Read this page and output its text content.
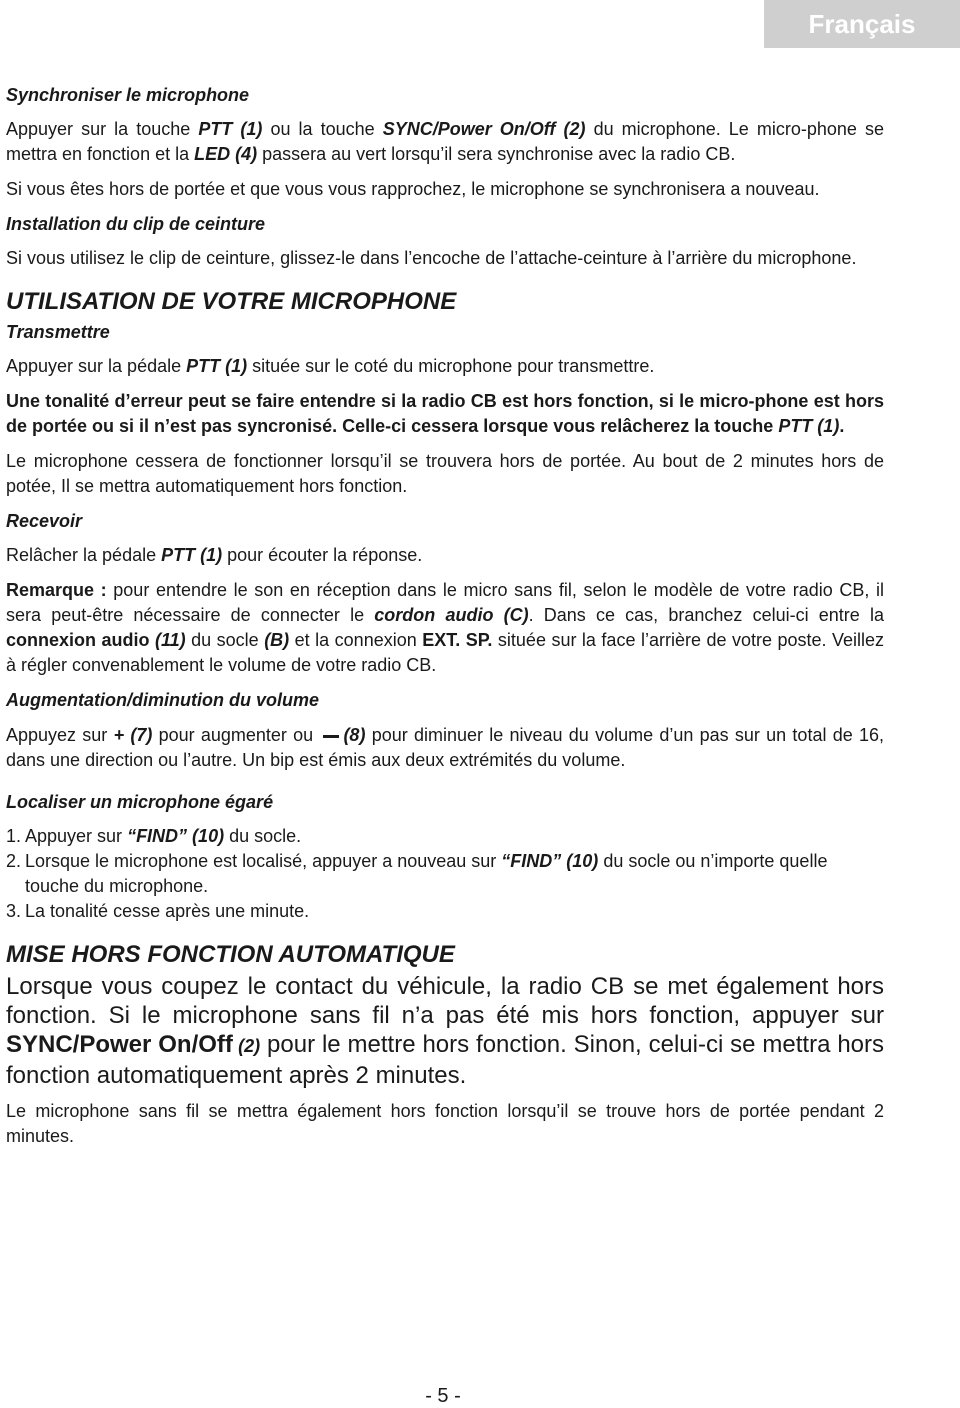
Français
Synchroniser le microphone

Appuyer sur la touche PTT (1) ou la touche SYNC/Power On/Off (2) du microphone. Le micro-phone se mettra en fonction et la LED (4) passera au vert lorsqu’il sera synchronise avec la radio CB.

Si vous êtes hors de portée et que vous vous rapprochez, le microphone se synchronisera a nouveau.

Installation du clip de ceinture

Si vous utilisez le clip de ceinture, glissez-le dans l’encoche de l’attache-ceinture à l’arrière du microphone.

UTILISATION DE VOTRE MICROPHONE
Transmettre

Appuyer sur la pédale PTT (1) située sur le coté du microphone pour transmettre.

Une tonalité d’erreur peut se faire entendre si la radio CB est hors fonction, si le micro-phone est hors de portée ou si il n’est pas syncronisé. Celle-ci cessera lorsque vous relâcherez la touche PTT (1).

Le microphone cessera de fonctionner lorsqu’il se trouvera hors de portée. Au bout de 2 minutes hors de potée, Il se mettra automatiquement hors fonction.

Recevoir

Relâcher la pédale PTT (1) pour écouter la réponse.

Remarque : pour entendre le son en réception dans le micro sans fil, selon le modèle de votre radio CB, il sera peut-être nécessaire de connecter le cordon audio (C). Dans ce cas, branchez celui-ci entre la connexion audio (11) du socle (B) et la connexion EXT. SP. située sur la face l’arrière de votre poste. Veillez à régler convenablement le volume de votre radio CB.

Augmentation/diminution du volume

Appuyez sur + (7) pour augmenter ou (8) pour diminuer le niveau du volume d’un pas sur un total de 16, dans une direction ou l’autre. Un bip est émis aux deux extrémités du volume.

Localiser un microphone égaré
1. Appuyer sur “FIND” (10) du socle.
2. Lorsque le microphone est localisé, appuyer a nouveau sur “FIND” (10) du socle ou n’importe quelle touche du microphone.
3. La tonalité cesse après une minute.
MISE HORS FONCTION AUTOMATIQUE

Lorsque vous coupez le contact du véhicule, la radio CB se met également hors fonction. Si le microphone sans fil n’a pas été mis hors fonction, appuyer sur SYNC/Power On/Off (2) pour le mettre hors fonction. Sinon, celui-ci se mettra hors fonction automatiquement après 2 minutes.

Le microphone sans fil se mettra également hors fonction lorsqu’il se trouve hors de portée pendant 2 minutes.

- 5 -
